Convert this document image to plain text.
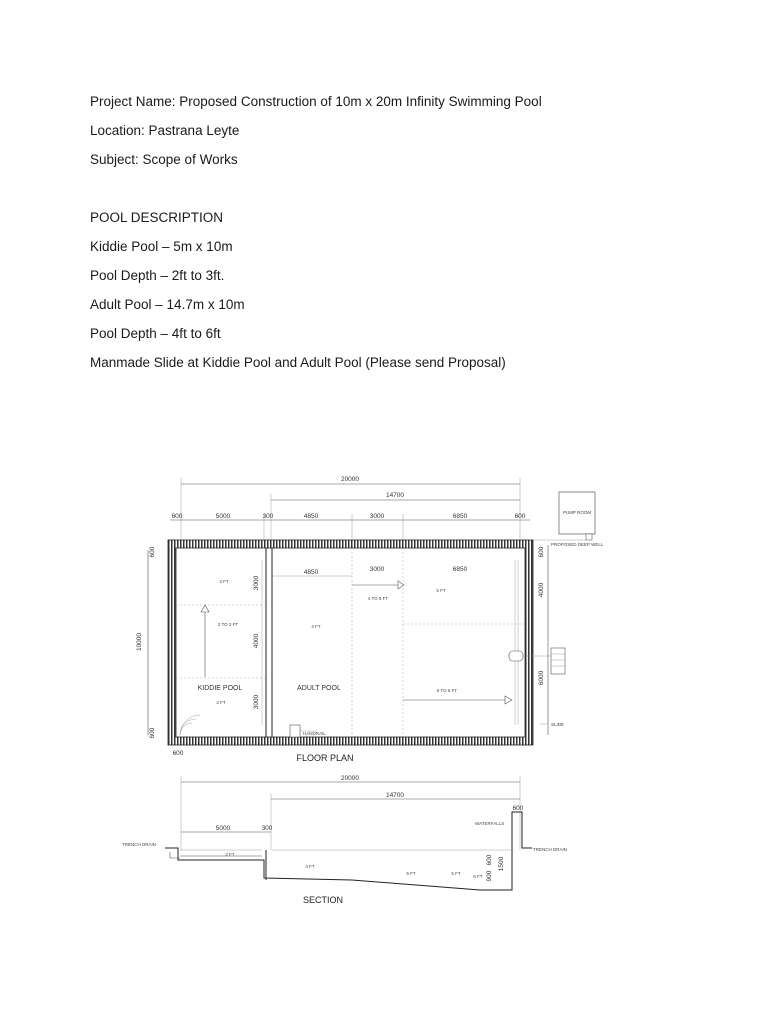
Project Name: Proposed Construction of 10m x 20m Infinity Swimming Pool
Location: Pastrana Leyte
Subject: Scope of Works
POOL DESCRIPTION
Kiddie Pool – 5m x 10m
Pool Depth – 2ft to 3ft.
Adult Pool – 14.7m x 10m
Pool Depth – 4ft to 6ft
Manmade Slide at Kiddie Pool and Adult Pool (Please send Proposal)
20000
14700
600	5000	300	4850	3000	6850	600
3000
4000
3000
4850	3000	6850
3 FT
2 TO 3 FT
KIDDIE POOL
2 FT
4 FT
ADULT POOL
4 TO 5 FT
5 FT
5 TO 6 FT
HANDRAIL
10000
600
600
600
600
4000
6000
SLIDE
PUMP ROOM
PROPOSED DEEP WELL
FLOOR PLAN
20000
14700
600
5000	300
TRENCH DRAIN
TRENCH DRAIN
WATERFALLS
2 FT
4 FT
5 FT	5 FT
6 FT 900
600 1500
SECTION
